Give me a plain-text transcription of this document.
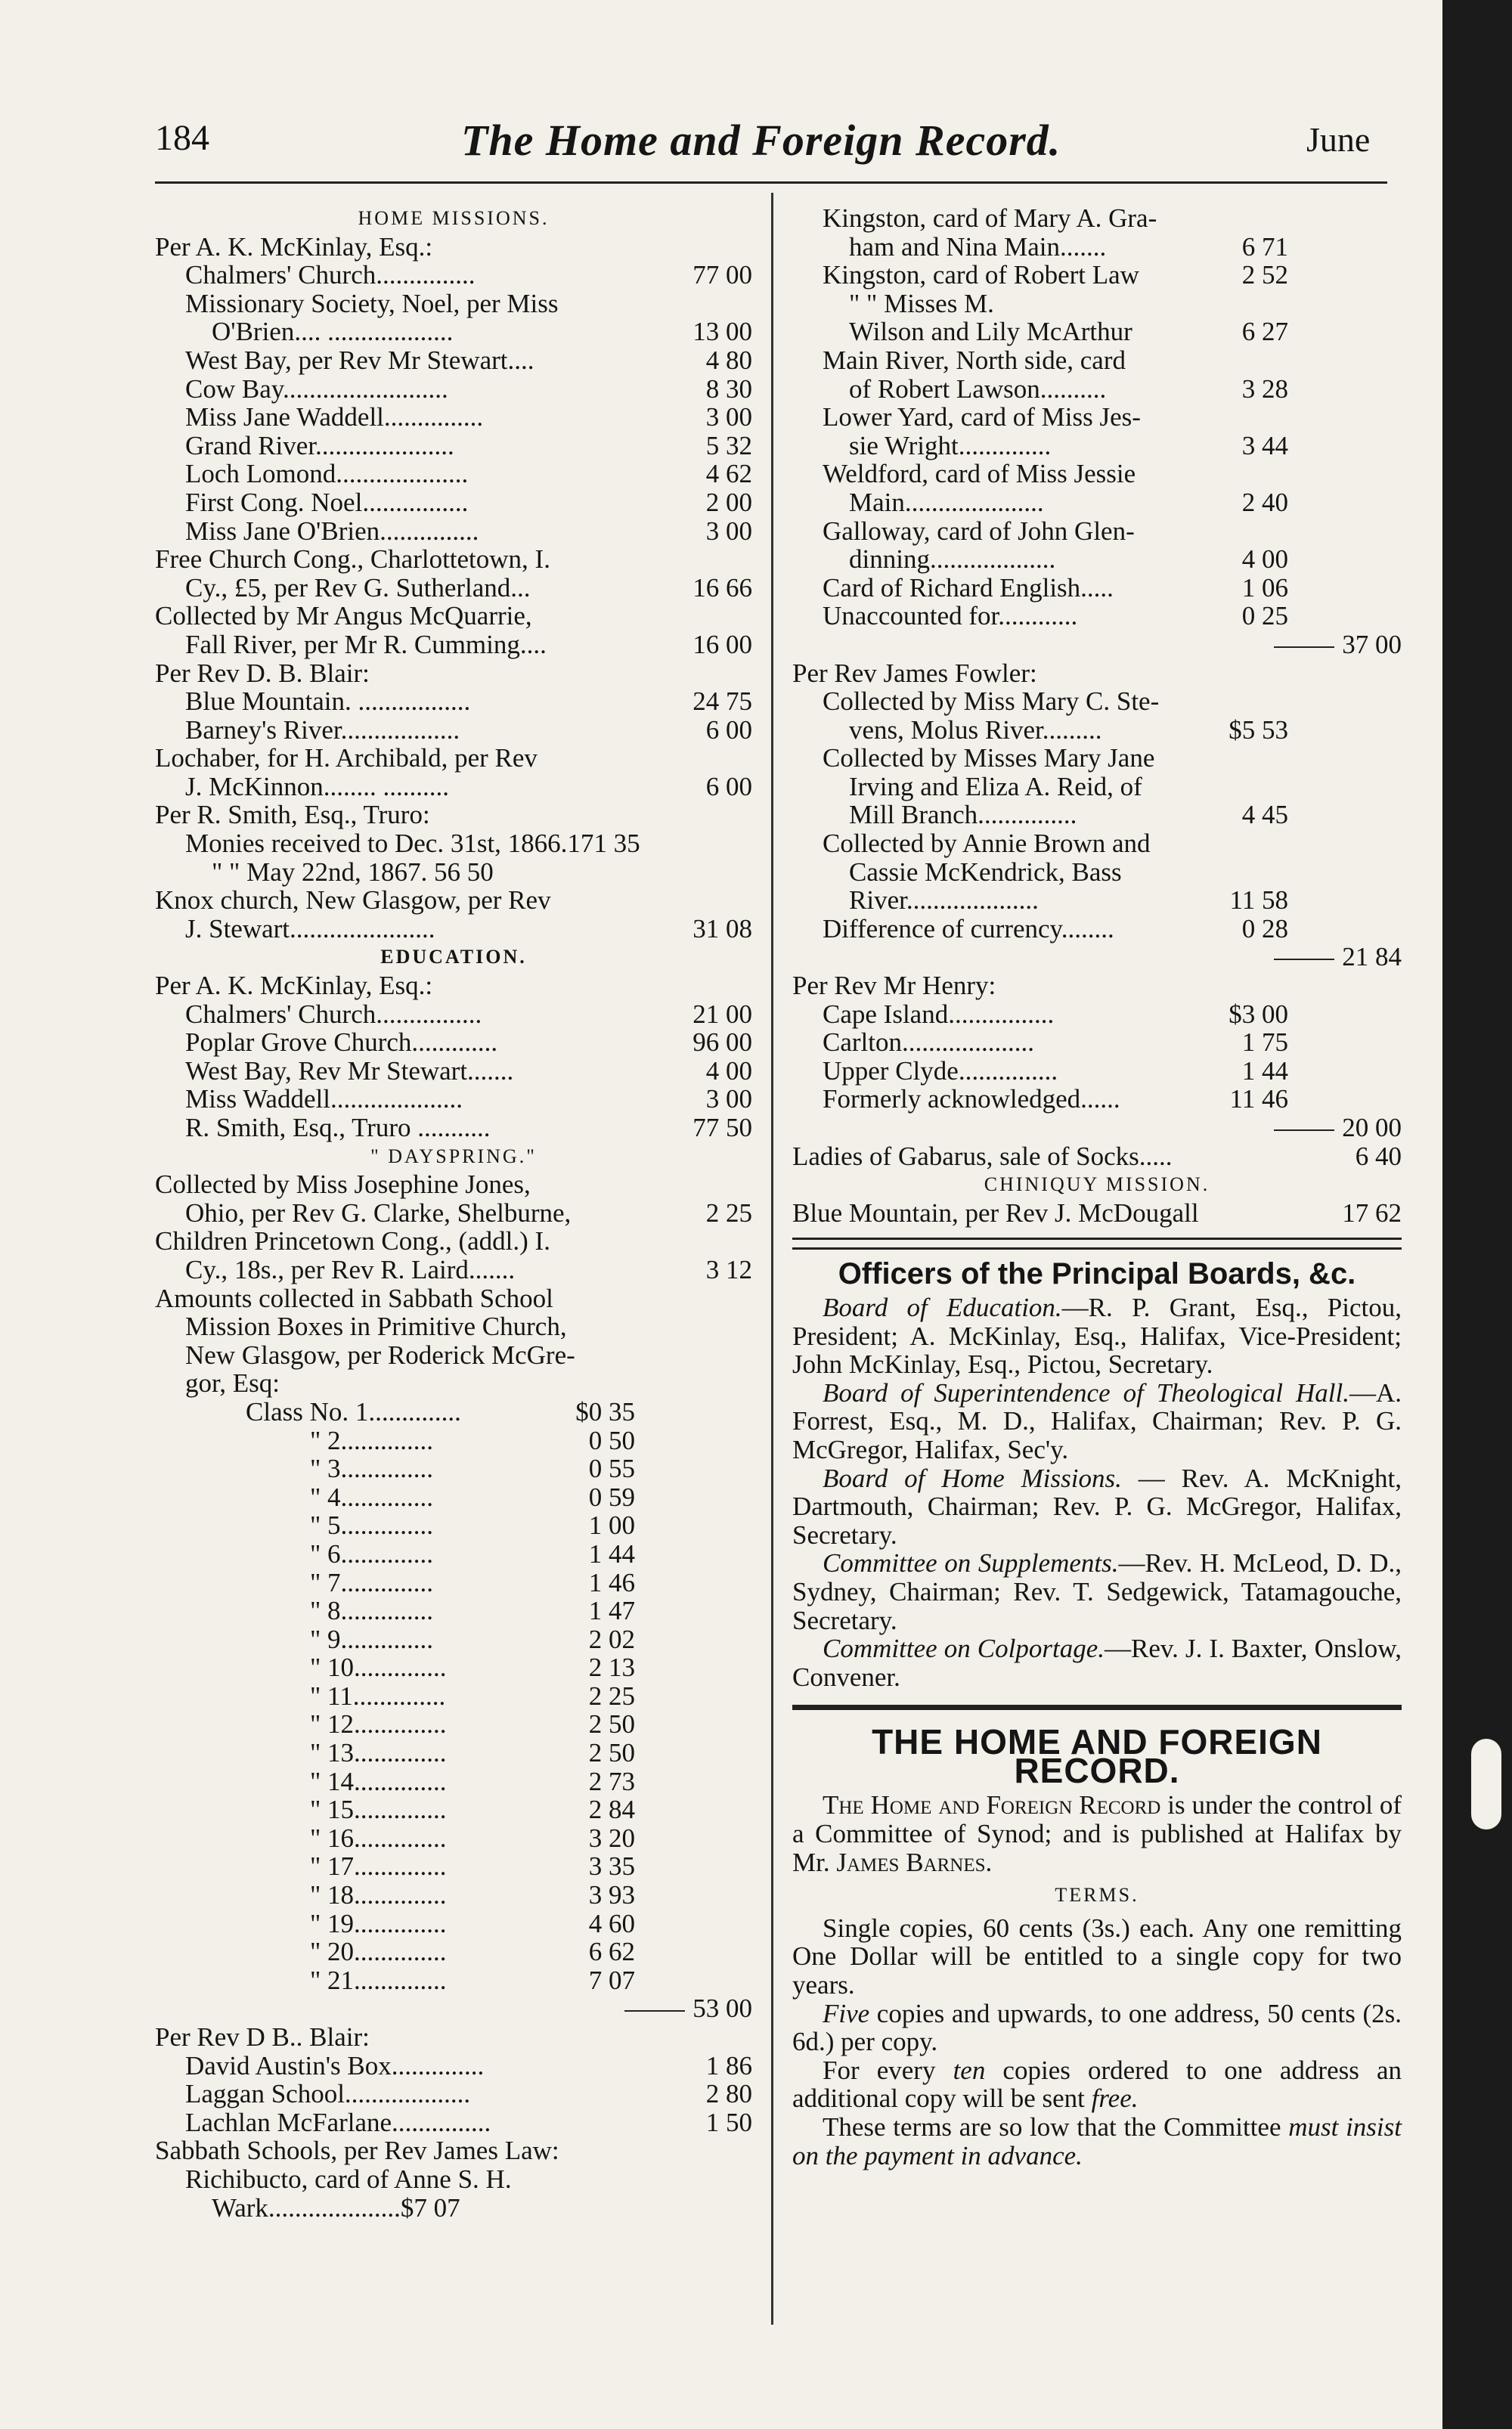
184	The Home and Foreign Record.	June
HOME MISSIONS.
Per A. K. McKinlay, Esq.:
Chalmers' Church...............	77 00
Missionary Society, Noel, per Miss
O'Brien.... ...................	13 00
West Bay, per Rev Mr Stewart....	4 80
Cow Bay.........................	8 30
Miss Jane Waddell...............	3 00
Grand River.....................	5 32
Loch Lomond....................	4 62
First Cong. Noel................	2 00
Miss Jane O'Brien...............	3 00
Free Church Cong., Charlottetown, I.
Cy., £5, per Rev G. Sutherland...	16 66
Collected by Mr Angus McQuarrie,
Fall River, per Mr R. Cumming....	16 00
Per Rev D. B. Blair:
Blue Mountain. .................	24 75
Barney's River..................	6 00
Lochaber, for H. Archibald, per Rev
J. McKinnon........ ..........	6 00
Per R. Smith, Esq., Truro:
Monies received to Dec. 31st, 1866.171 35
" " May 22nd, 1867. 56 50
Knox church, New Glasgow, per Rev
J. Stewart......................	31 08
EDUCATION.
Per A. K. McKinlay, Esq.:
Chalmers' Church................	21 00
Poplar Grove Church.............	96 00
West Bay, Rev Mr Stewart.......	4 00
Miss Waddell....................	3 00
R. Smith, Esq., Truro ...........	77 50
" DAYSPRING."
Collected by Miss Josephine Jones,
Ohio, per Rev G. Clarke, Shelburne,	2 25
Children Princetown Cong., (addl.) I.
Cy., 18s., per Rev R. Laird.......	3 12
Amounts collected in Sabbath School
Mission Boxes in Primitive Church,
New Glasgow, per Roderick McGre-
gor, Esq:
Class No. 1..............	$0 35
" 2..............	0 50
" 3..............	0 55
" 4..............	0 59
" 5..............	1 00
" 6..............	1 44
" 7..............	1 46
" 8..............	1 47
" 9..............	2 02
" 10..............	2 13
" 11..............	2 25
" 12..............	2 50
" 13..............	2 50
" 14..............	2 73
" 15..............	2 84
" 16..............	3 20
" 17..............	3 35
" 18..............	3 93
" 19..............	4 60
" 20..............	6 62
" 21..............	7 07
53 00
Per Rev D B.. Blair:
David Austin's Box..............	1 86
Laggan School...................	2 80
Lachlan McFarlane...............	1 50
Sabbath Schools, per Rev James Law:
Richibucto, card of Anne S. H.
Wark....................$7 07
Kingston, card of Mary A. Gra-
ham and Nina Main.......	6 71
Kingston, card of Robert Law	2 52
" " Misses M.
Wilson and Lily McArthur	6 27
Main River, North side, card
of Robert Lawson..........	3 28
Lower Yard, card of Miss Jes-
sie Wright..............	3 44
Weldford, card of Miss Jessie
Main.....................	2 40
Galloway, card of John Glen-
dinning...................	4 00
Card of Richard English.....	1 06
Unaccounted for............	0 25
37 00
Per Rev James Fowler:
Collected by Miss Mary C. Ste-
vens, Molus River.........	$5 53
Collected by Misses Mary Jane
Irving and Eliza A. Reid, of
Mill Branch...............	4 45
Collected by Annie Brown and
Cassie McKendrick, Bass
River....................	11 58
Difference of currency........	0 28
21 84
Per Rev Mr Henry:
Cape Island................	$3 00
Carlton....................	1 75
Upper Clyde...............	1 44
Formerly acknowledged......	11 46
20 00
Ladies of Gabarus, sale of Socks.....	6 40
CHINIQUY MISSION.
Blue Mountain, per Rev J. McDougall	17 62
Officers of the Principal Boards, &c.
Board of Education.—R. P. Grant, Esq., Pictou, President; A. McKinlay, Esq., Halifax, Vice-President; John McKinlay, Esq., Pictou, Secretary.
Board of Superintendence of Theological Hall.—A. Forrest, Esq., M. D., Halifax, Chairman; Rev. P. G. McGregor, Halifax, Sec'y.
Board of Home Missions. — Rev. A. McKnight, Dartmouth, Chairman; Rev. P. G. McGregor, Halifax, Secretary.
Committee on Supplements.—Rev. H. McLeod, D. D., Sydney, Chairman; Rev. T. Sedgewick, Tatamagouche, Secretary.
Committee on Colportage.—Rev. J. I. Baxter, Onslow, Convener.
THE HOME AND FOREIGN RECORD.
The Home and Foreign Record is under the control of a Committee of Synod; and is published at Halifax by Mr. James Barnes.
TERMS.
Single copies, 60 cents (3s.) each. Any one remitting One Dollar will be entitled to a single copy for two years.
Five copies and upwards, to one address, 50 cents (2s. 6d.) per copy.
For every ten copies ordered to one address an additional copy will be sent free.
These terms are so low that the Committee must insist on the payment in advance.
